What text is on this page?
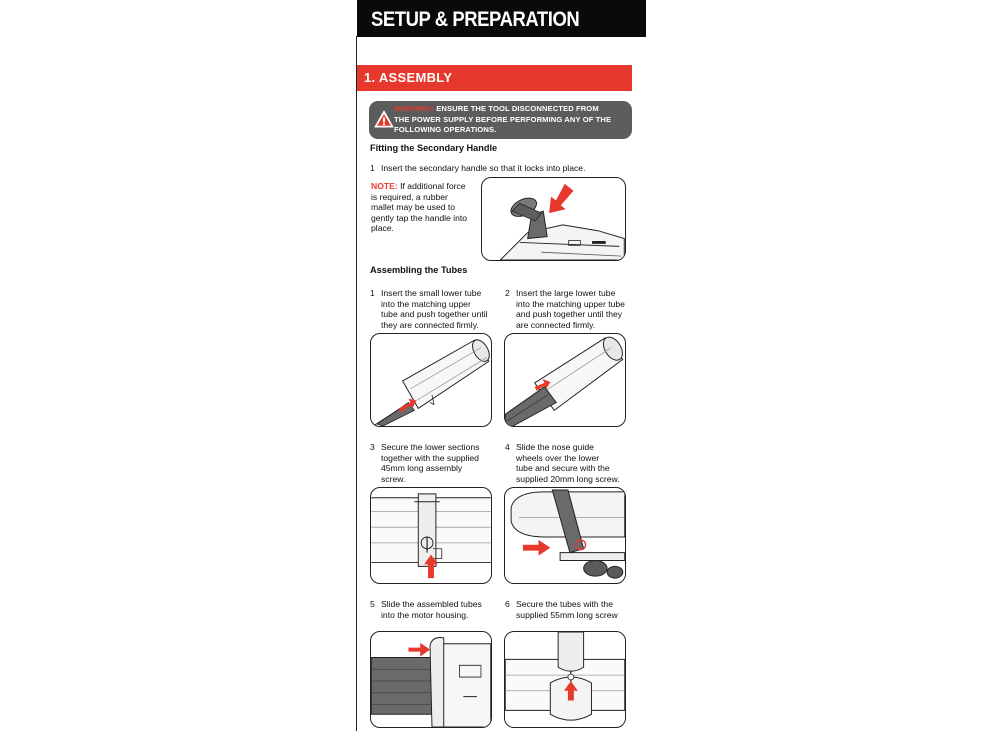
SETUP & PREPARATION
1. ASSEMBLY
WARNING: ENSURE THE TOOL DISCONNECTED FROM
THE POWER SUPPLY BEFORE PERFORMING ANY OF THE
FOLLOWING OPERATIONS.
Fitting the Secondary Handle
1 Insert the secondary handle so that it locks into place.
NOTE: If additional force
is required, a rubber
mallet may be used to
gently tap the handle into
place.
Assembling the Tubes
1 Insert the small lower tube
into the matching upper
tube and push together until
they are connected firmly.
2 Insert the large lower tube
into the matching upper tube
and push together until they
are connected firmly.
3 Secure the lower sections
together with the supplied
45mm long assembly
screw.
4 Slide the nose guide
wheels over the lower
tube and secure with the
supplied 20mm long screw.
5 Slide the assembled tubes
into the motor housing.
6 Secure the tubes with the
supplied 55mm long screw
